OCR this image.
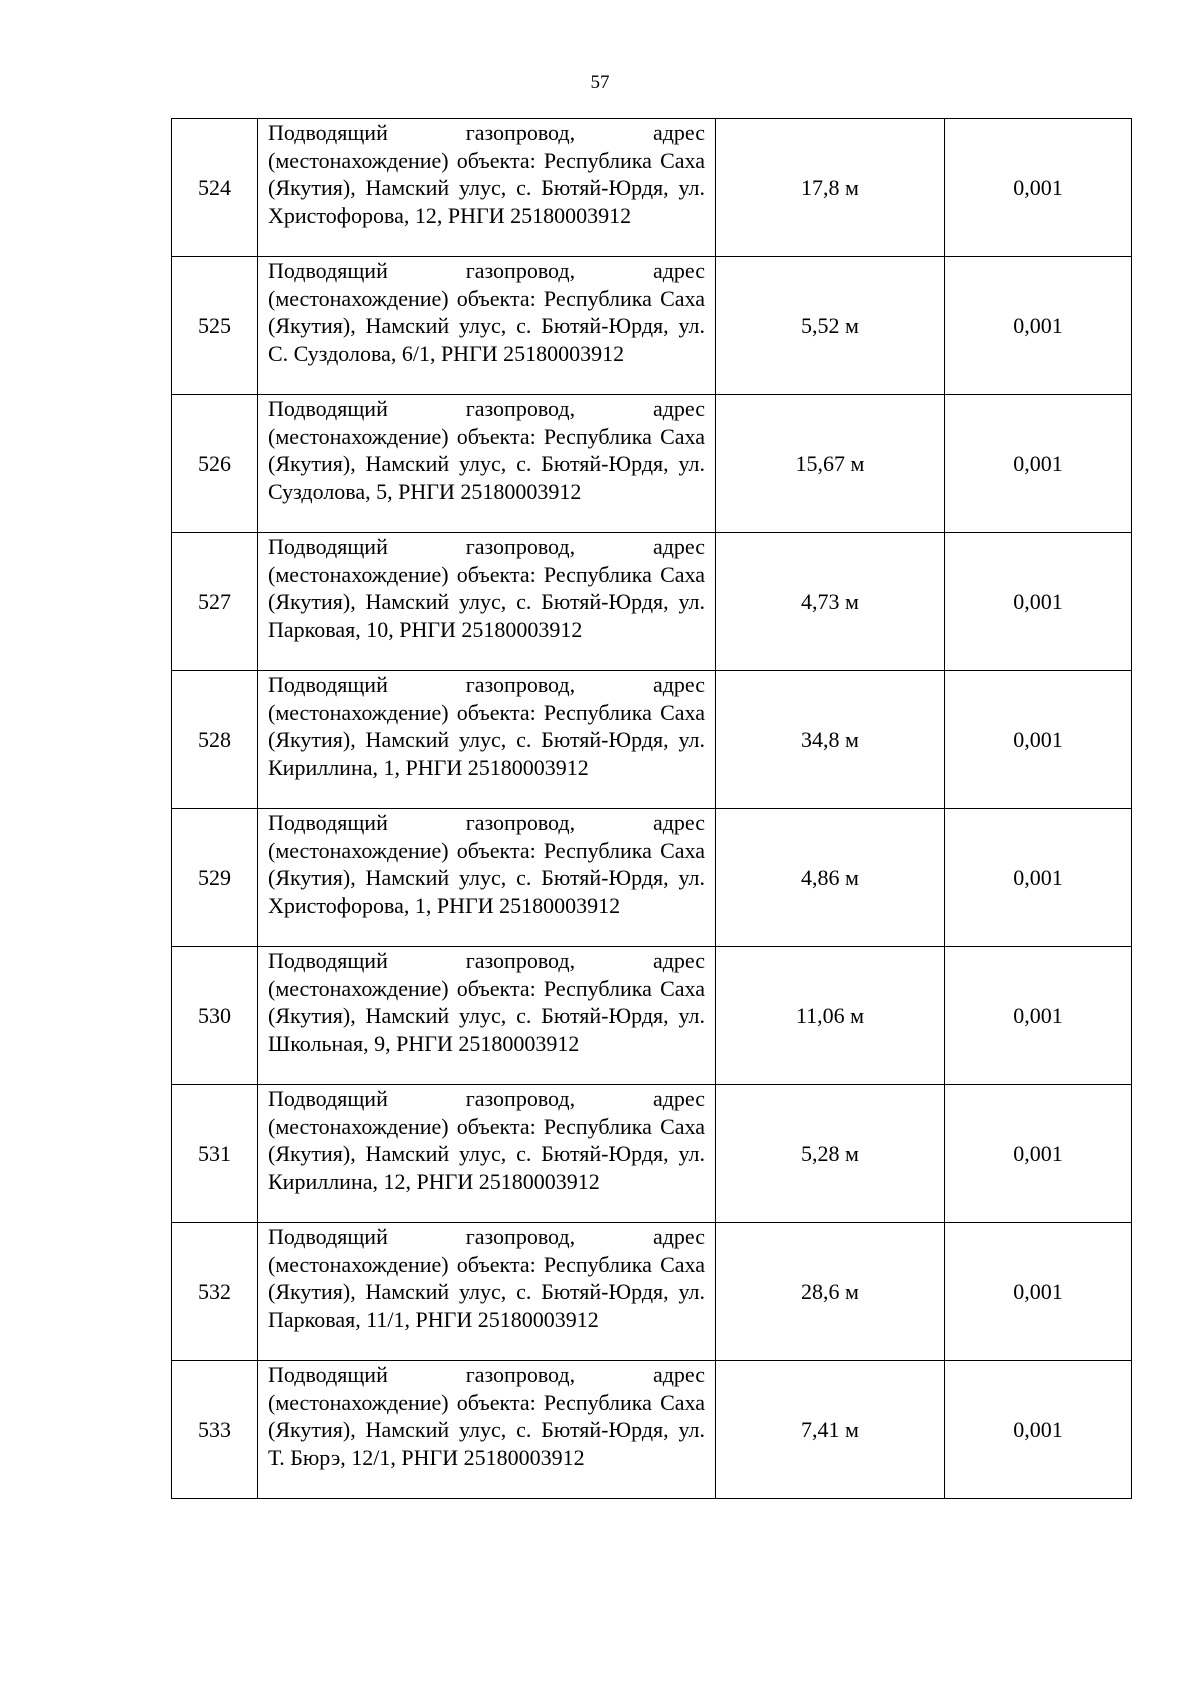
57
524	Подводящий газопровод, адрес (местонахождение) объекта: Республика Саха (Якутия), Намский улус, с. Бютяй-Юрдя, ул. Христофорова, 12, РНГИ 25180003912	17,8 м	0,001
525	Подводящий газопровод, адрес (местонахождение) объекта: Республика Саха (Якутия), Намский улус, с. Бютяй-Юрдя, ул. С. Суздолова, 6/1, РНГИ 25180003912	5,52 м	0,001
526	Подводящий газопровод, адрес (местонахождение) объекта: Республика Саха (Якутия), Намский улус, с. Бютяй-Юрдя, ул. Суздолова, 5, РНГИ 25180003912	15,67 м	0,001
527	Подводящий газопровод, адрес (местонахождение) объекта: Республика Саха (Якутия), Намский улус, с. Бютяй-Юрдя, ул. Парковая, 10, РНГИ 25180003912	4,73 м	0,001
528	Подводящий газопровод, адрес (местонахождение) объекта: Республика Саха (Якутия), Намский улус, с. Бютяй-Юрдя, ул. Кириллина, 1, РНГИ 25180003912	34,8 м	0,001
529	Подводящий газопровод, адрес (местонахождение) объекта: Республика Саха (Якутия), Намский улус, с. Бютяй-Юрдя, ул. Христофорова, 1, РНГИ 25180003912	4,86 м	0,001
530	Подводящий газопровод, адрес (местонахождение) объекта: Республика Саха (Якутия), Намский улус, с. Бютяй-Юрдя, ул. Школьная, 9, РНГИ 25180003912	11,06 м	0,001
531	Подводящий газопровод, адрес (местонахождение) объекта: Республика Саха (Якутия), Намский улус, с. Бютяй-Юрдя, ул. Кириллина, 12, РНГИ 25180003912	5,28 м	0,001
532	Подводящий газопровод, адрес (местонахождение) объекта: Республика Саха (Якутия), Намский улус, с. Бютяй-Юрдя, ул. Парковая, 11/1, РНГИ 25180003912	28,6 м	0,001
533	Подводящий газопровод, адрес (местонахождение) объекта: Республика Саха (Якутия), Намский улус, с. Бютяй-Юрдя, ул. Т. Бюрэ, 12/1, РНГИ 25180003912	7,41 м	0,001
